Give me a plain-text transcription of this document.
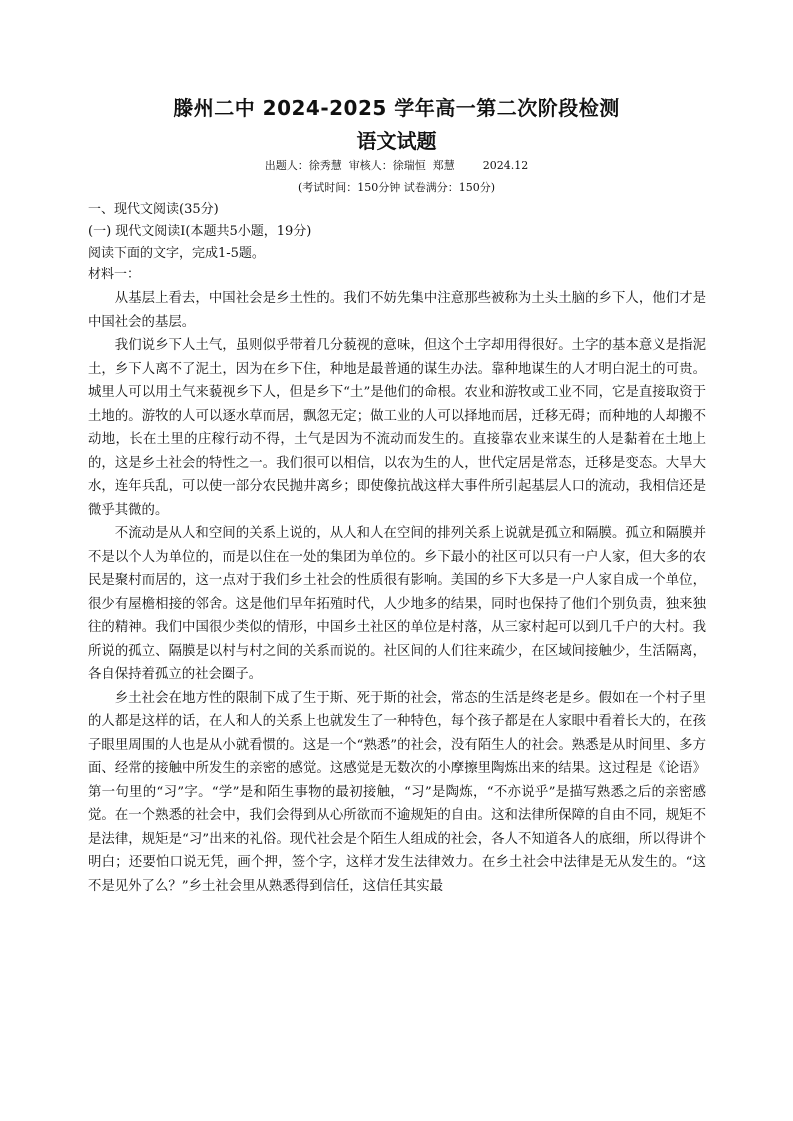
滕州二中 2024-2025 学年高一第二次阶段检测
语文试题
出题人：徐秀慧  审核人：徐瑞恒  郑慧        2024.12
(考试时间：150分钟 试卷满分：150分)
一、现代文阅读(35分)
(一) 现代文阅读Ⅰ(本题共5小题，19分)
阅读下面的文字，完成1-5题。
材料一：

从基层上看去，中国社会是乡土性的。我们不妨先集中注意那些被称为土头土脑的乡下人，他们才是中国社会的基层。

我们说乡下人土气，虽则似乎带着几分藐视的意味，但这个土字却用得很好。土字的基本意义是指泥土，乡下人离不了泥土，因为在乡下住，种地是最普通的谋生办法。靠种地谋生的人才明白泥土的可贵。城里人可以用土气来藐视乡下人，但是乡下“土”是他们的命根。农业和游牧或工业不同，它是直接取资于土地的。游牧的人可以逐水草而居，飘忽无定；做工业的人可以择地而居，迁移无碍；而种地的人却搬不动地，长在土里的庄稼行动不得，土气是因为不流动而发生的。直接靠农业来谋生的人是黏着在土地上的，这是乡土社会的特性之一。我们很可以相信，以农为生的人，世代定居是常态，迁移是变态。大旱大水，连年兵乱，可以使一部分农民抛井离乡；即使像抗战这样大事件所引起基层人口的流动，我相信还是微乎其微的。

不流动是从人和空间的关系上说的，从人和人在空间的排列关系上说就是孤立和隔膜。孤立和隔膜并不是以个人为单位的，而是以住在一处的集团为单位的。乡下最小的社区可以只有一户人家，但大多的农民是聚村而居的，这一点对于我们乡土社会的性质很有影响。美国的乡下大多是一户人家自成一个单位，很少有屋檐相接的邻舍。这是他们早年拓殖时代，人少地多的结果，同时也保持了他们个别负责，独来独往的精神。我们中国很少类似的情形，中国乡土社区的单位是村落，从三家村起可以到几千户的大村。我所说的孤立、隔膜是以村与村之间的关系而说的。社区间的人们往来疏少，在区域间接触少，生活隔离，各自保持着孤立的社会圈子。

乡土社会在地方性的限制下成了生于斯、死于斯的社会，常态的生活是终老是乡。假如在一个村子里的人都是这样的话，在人和人的关系上也就发生了一种特色，每个孩子都是在人家眼中看着长大的，在孩子眼里周围的人也是从小就看惯的。这是一个“熟悉”的社会，没有陌生人的社会。熟悉是从时间里、多方面、经常的接触中所发生的亲密的感觉。这感觉是无数次的小摩擦里陶炼出来的结果。这过程是《论语》第一句里的“习”字。“学”是和陌生事物的最初接触，“习”是陶炼，“不亦说乎”是描写熟悉之后的亲密感觉。在一个熟悉的社会中，我们会得到从心所欲而不逾规矩的自由。这和法律所保障的自由不同，规矩不是法律，规矩是“习”出来的礼俗。现代社会是个陌生人组成的社会，各人不知道各人的底细，所以得讲个明白；还要怕口说无凭，画个押，签个字，这样才发生法律效力。在乡土社会中法律是无从发生的。“这不是见外了么？”乡土社会里从熟悉得到信任，这信任其实最
